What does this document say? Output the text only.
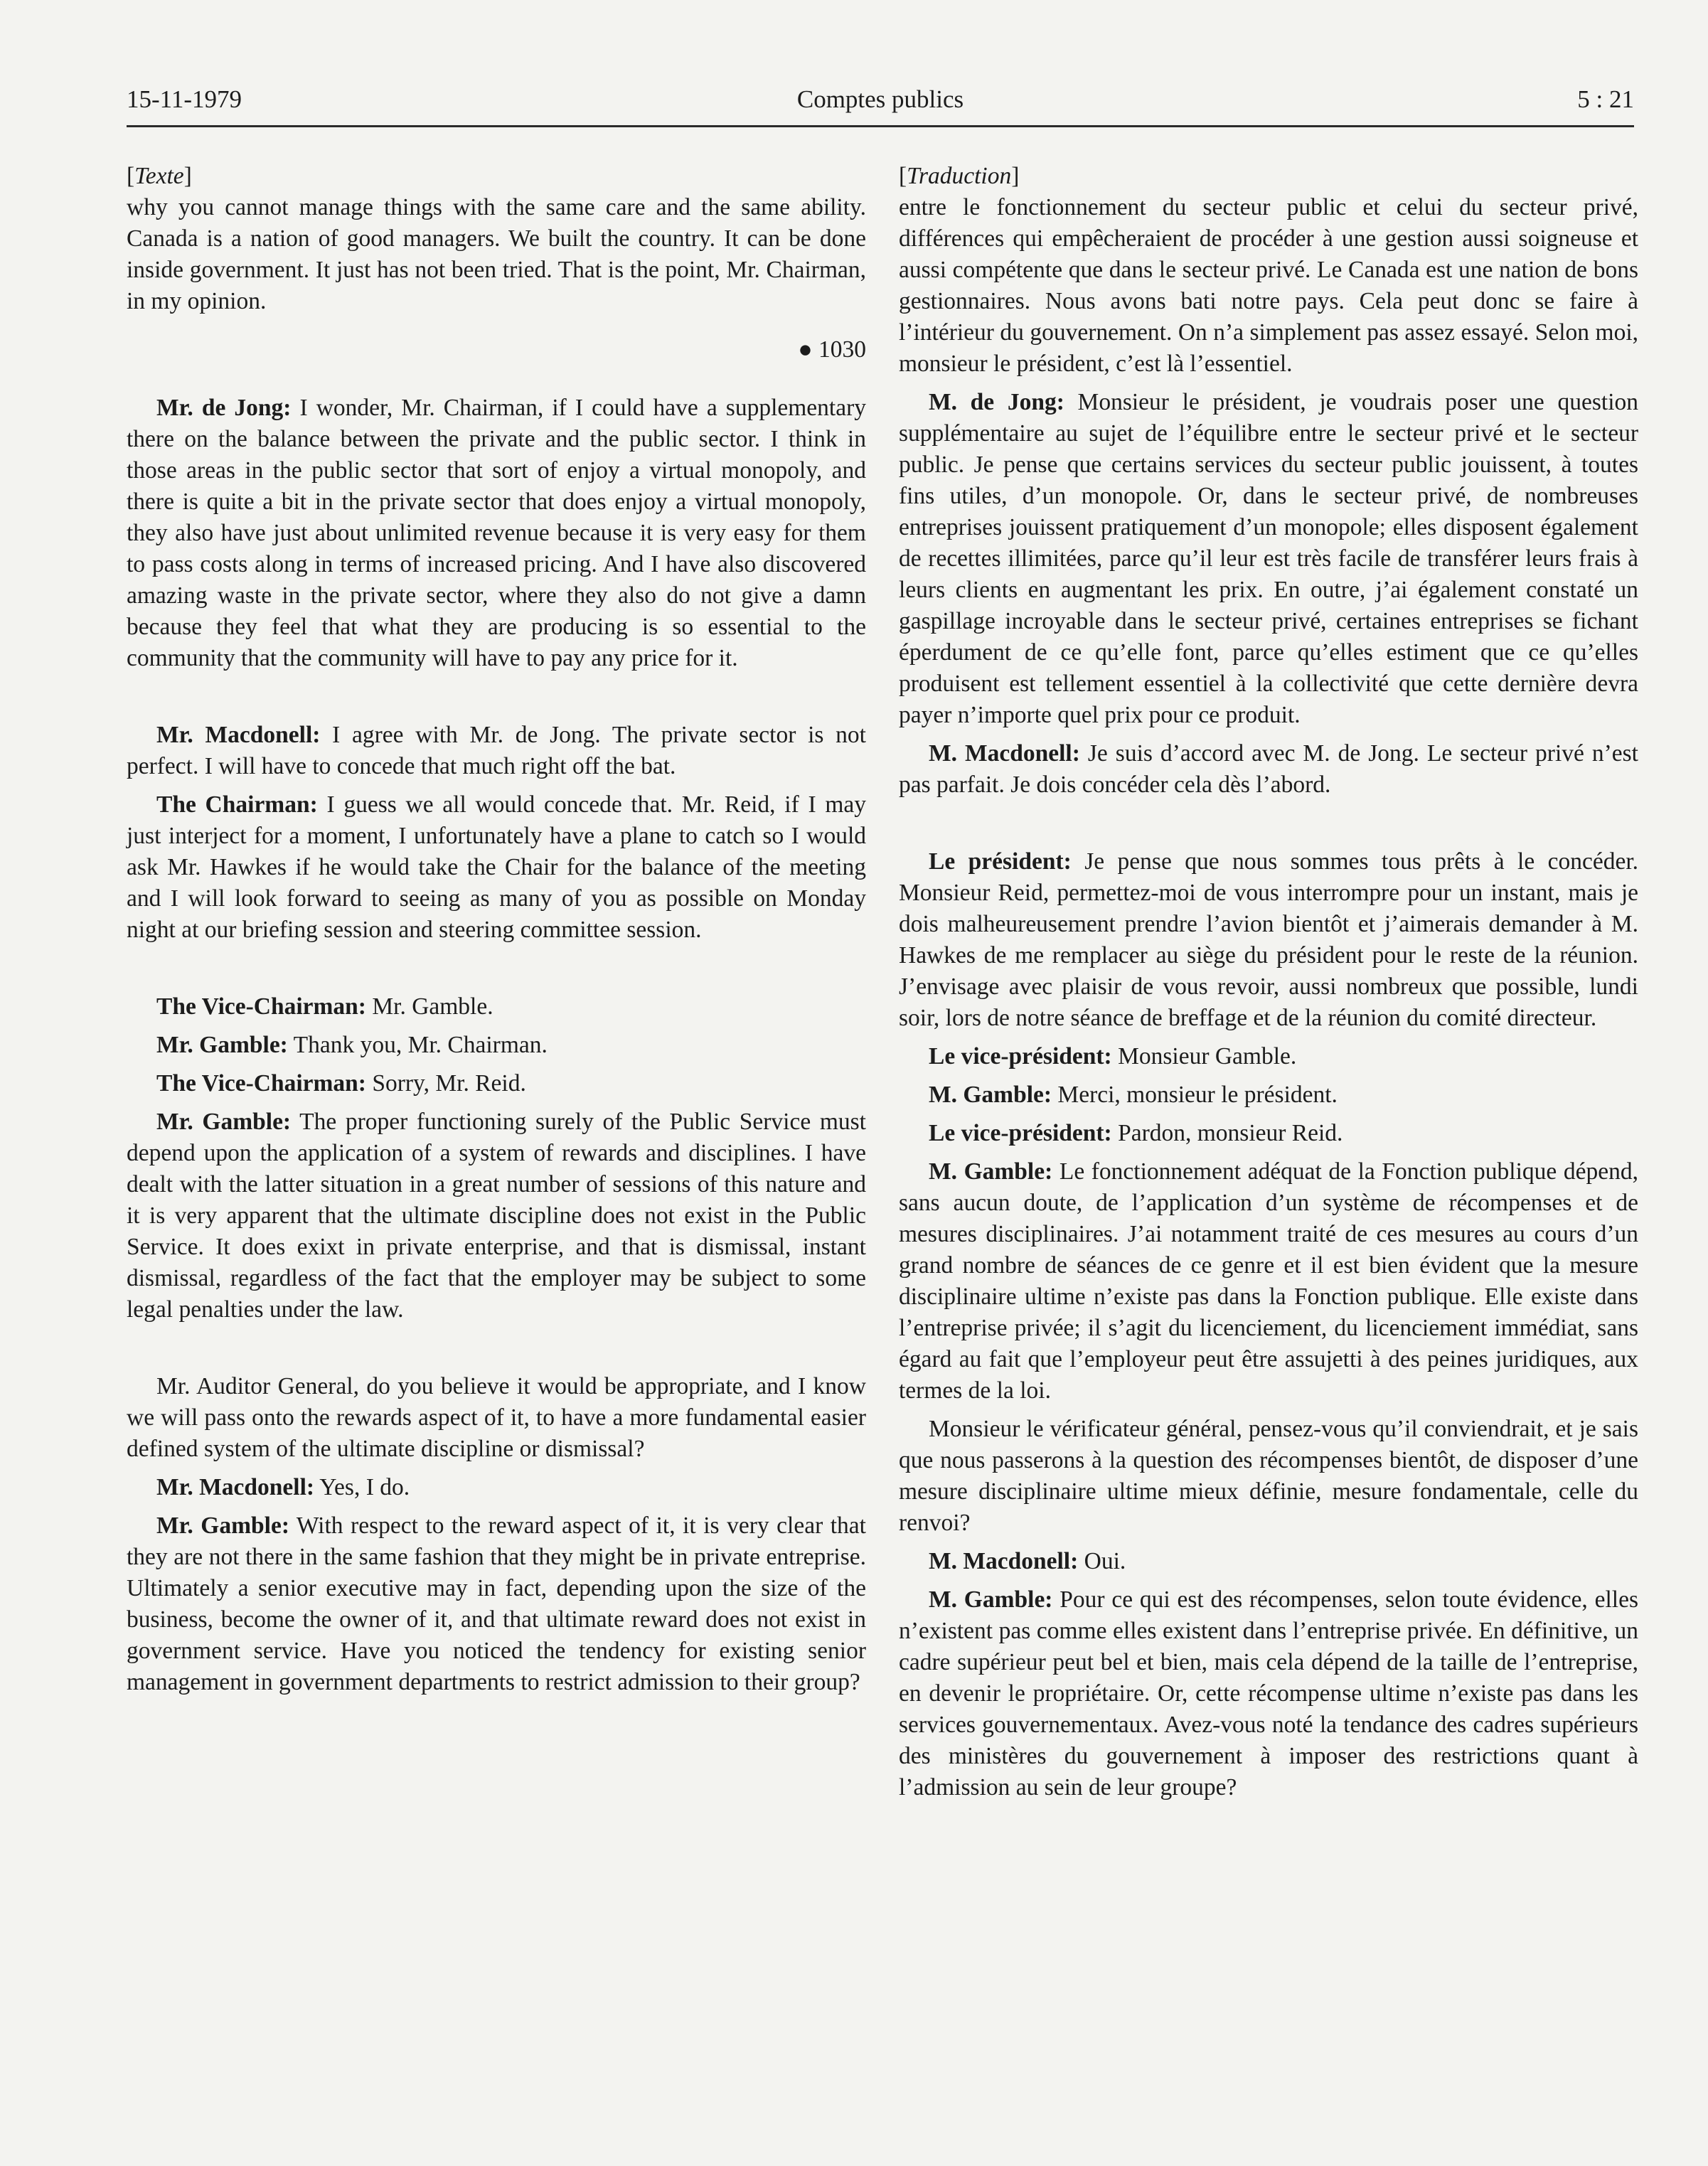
15-11-1979	Comptes publics	5 : 21

[Texte]

why you cannot manage things with the same care and the same ability. Canada is a nation of good managers. We built the country. It can be done inside government. It just has not been tried. That is the point, Mr. Chairman, in my opinion.

● 1030

Mr. de Jong: I wonder, Mr. Chairman, if I could have a supplementary there on the balance between the private and the public sector. I think in those areas in the public sector that sort of enjoy a virtual monopoly, and there is quite a bit in the private sector that does enjoy a virtual monopoly, they also have just about unlimited revenue because it is very easy for them to pass costs along in terms of increased pricing. And I have also discovered amazing waste in the private sector, where they also do not give a damn because they feel that what they are producing is so essential to the community that the community will have to pay any price for it.

Mr. Macdonell: I agree with Mr. de Jong. The private sector is not perfect. I will have to concede that much right off the bat.

The Chairman: I guess we all would concede that. Mr. Reid, if I may just interject for a moment, I unfortunately have a plane to catch so I would ask Mr. Hawkes if he would take the Chair for the balance of the meeting and I will look forward to seeing as many of you as possible on Monday night at our briefing session and steering committee session.

The Vice-Chairman: Mr. Gamble.

Mr. Gamble: Thank you, Mr. Chairman.

The Vice-Chairman: Sorry, Mr. Reid.

Mr. Gamble: The proper functioning surely of the Public Service must depend upon the application of a system of rewards and disciplines. I have dealt with the latter situation in a great number of sessions of this nature and it is very apparent that the ultimate discipline does not exist in the Public Service. It does exixt in private enterprise, and that is dismissal, instant dismissal, regardless of the fact that the employer may be subject to some legal penalties under the law.

Mr. Auditor General, do you believe it would be appropriate, and I know we will pass onto the rewards aspect of it, to have a more fundamental easier defined system of the ultimate discipline or dismissal?

Mr. Macdonell: Yes, I do.

Mr. Gamble: With respect to the reward aspect of it, it is very clear that they are not there in the same fashion that they might be in private entreprise. Ultimately a senior executive may in fact, depending upon the size of the business, become the owner of it, and that ultimate reward does not exist in government service. Have you noticed the tendency for existing senior management in government departments to restrict admission to their group?

[Traduction]

entre le fonctionnement du secteur public et celui du secteur privé, différences qui empêcheraient de procéder à une gestion aussi soigneuse et aussi compétente que dans le secteur privé. Le Canada est une nation de bons gestionnaires. Nous avons bati notre pays. Cela peut donc se faire à l’intérieur du gouvernement. On n’a simplement pas assez essayé. Selon moi, monsieur le président, c’est là l’essentiel.

M. de Jong: Monsieur le président, je voudrais poser une question supplémentaire au sujet de l’équilibre entre le secteur privé et le secteur public. Je pense que certains services du secteur public jouissent, à toutes fins utiles, d’un monopole. Or, dans le secteur privé, de nombreuses entreprises jouissent pratiquement d’un monopole; elles disposent également de recettes illimitées, parce qu’il leur est très facile de transférer leurs frais à leurs clients en augmentant les prix. En outre, j’ai également constaté un gaspillage incroyable dans le secteur privé, certaines entreprises se fichant éperdument de ce qu’elle font, parce qu’elles estiment que ce qu’elles produisent est tellement essentiel à la collectivité que cette dernière devra payer n’importe quel prix pour ce produit.

M. Macdonell: Je suis d’accord avec M. de Jong. Le secteur privé n’est pas parfait. Je dois concéder cela dès l’abord.

Le président: Je pense que nous sommes tous prêts à le concéder. Monsieur Reid, permettez-moi de vous interrompre pour un instant, mais je dois malheureusement prendre l’avion bientôt et j’aimerais demander à M. Hawkes de me remplacer au siège du président pour le reste de la réunion. J’envisage avec plaisir de vous revoir, aussi nombreux que possible, lundi soir, lors de notre séance de breffage et de la réunion du comité directeur.

Le vice-président: Monsieur Gamble.

M. Gamble: Merci, monsieur le président.

Le vice-président: Pardon, monsieur Reid.

M. Gamble: Le fonctionnement adéquat de la Fonction publique dépend, sans aucun doute, de l’application d’un système de récompenses et de mesures disciplinaires. J’ai notamment traité de ces mesures au cours d’un grand nombre de séances de ce genre et il est bien évident que la mesure disciplinaire ultime n’existe pas dans la Fonction publique. Elle existe dans l’entreprise privée; il s’agit du licenciement, du licenciement immédiat, sans égard au fait que l’employeur peut être assujetti à des peines juridiques, aux termes de la loi.

Monsieur le vérificateur général, pensez-vous qu’il conviendrait, et je sais que nous passerons à la question des récompenses bientôt, de disposer d’une mesure disciplinaire ultime mieux définie, mesure fondamentale, celle du renvoi?

M. Macdonell: Oui.

M. Gamble: Pour ce qui est des récompenses, selon toute évidence, elles n’existent pas comme elles existent dans l’entreprise privée. En définitive, un cadre supérieur peut bel et bien, mais cela dépend de la taille de l’entreprise, en devenir le propriétaire. Or, cette récompense ultime n’existe pas dans les services gouvernementaux. Avez-vous noté la tendance des cadres supérieurs des ministères du gouvernement à imposer des restrictions quant à l’admission au sein de leur groupe?
